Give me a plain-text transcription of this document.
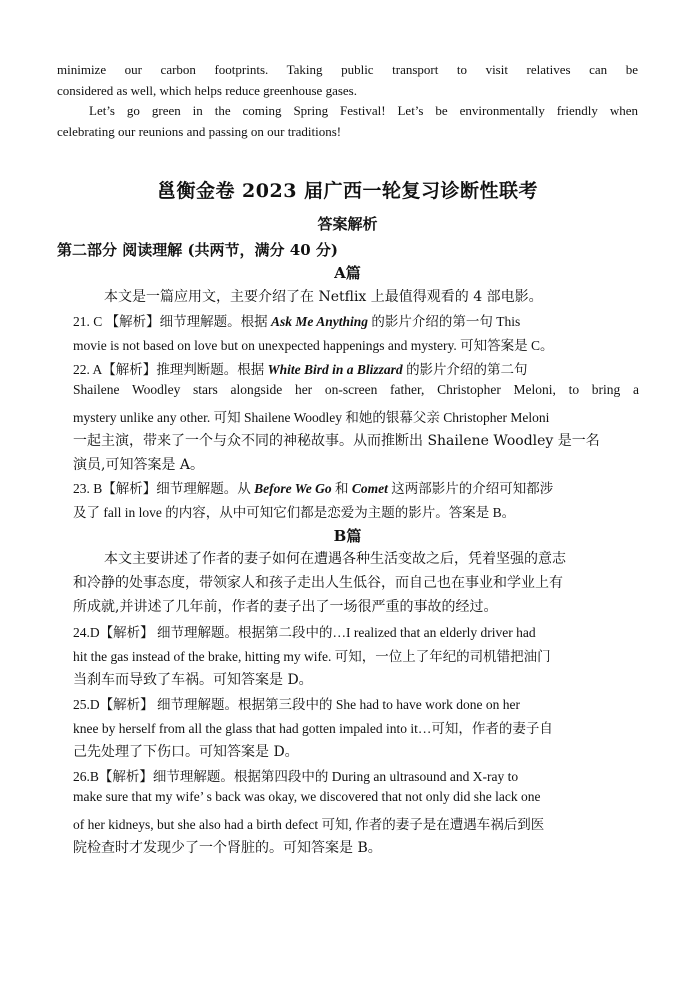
minimize our carbon footprints. Taking public transport to visit relatives can be
considered as well, which helps reduce greenhouse gases.
Let’s go green in the coming Spring Festival! Let’s be environmentally friendly when
celebrating our reunions and passing on our traditions!
邕衡金卷 2023 届广西一轮复习诊断性联考
答案解析
第二部分 阅读理解 (共两节，满分 40 分)
A篇
本文是一篇应用文，主要介绍了在 Netflix 上最值得观看的 4 部电影。
21. C 【解析】细节理解题。根据 Ask Me Anything 的影片介绍的第一句 This
movie is not based on love but on unexpected happenings and mystery. 可知答案是 C。
22. A【解析】推理判断题。根据 White Bird in a Blizzard 的影片介绍的第二句
Shailene Woodley stars alongside her on-screen father, Christopher Meloni, to bring a
mystery unlike any other. 可知 Shailene Woodley 和她的银幕父亲 Christopher Meloni
一起主演，带来了一个与众不同的神秘故事。从而推断出 Shailene Woodley 是一名
演员,可知答案是 A。
23. B【解析】细节理解题。从 Before We Go 和 Comet 这两部影片的介绍可知都涉
及了 fall in love 的内容，从中可知它们都是恋爱为主题的影片。答案是 B。
B篇
本文主要讲述了作者的妻子如何在遭遇各种生活变故之后，凭着坚强的意志
和冷静的处事态度，带领家人和孩子走出人生低谷，而自己也在事业和学业上有
所成就,并讲述了几年前，作者的妻子出了一场很严重的事故的经过。
24.D【解析】 细节理解题。根据第二段中的…I realized that an elderly driver had
hit the gas instead of the brake, hitting my wife. 可知，一位上了年纪的司机错把油门
当刹车而导致了车祸。可知答案是 D。
25.D【解析】 细节理解题。根据第三段中的 She had to have work done on her
knee by herself from all the glass that had gotten impaled into it…可知，作者的妻子自
己先处理了下伤口。可知答案是 D。
26.B【解析】细节理解题。根据第四段中的 During an ultrasound and X-ray to
make sure that my wife’ s back was okay, we discovered that not only did she lack one
of her kidneys, but she also had a birth defect 可知, 作者的妻子是在遭遇车祸后到医
院检查时才发现少了一个肾脏的。可知答案是 B。
